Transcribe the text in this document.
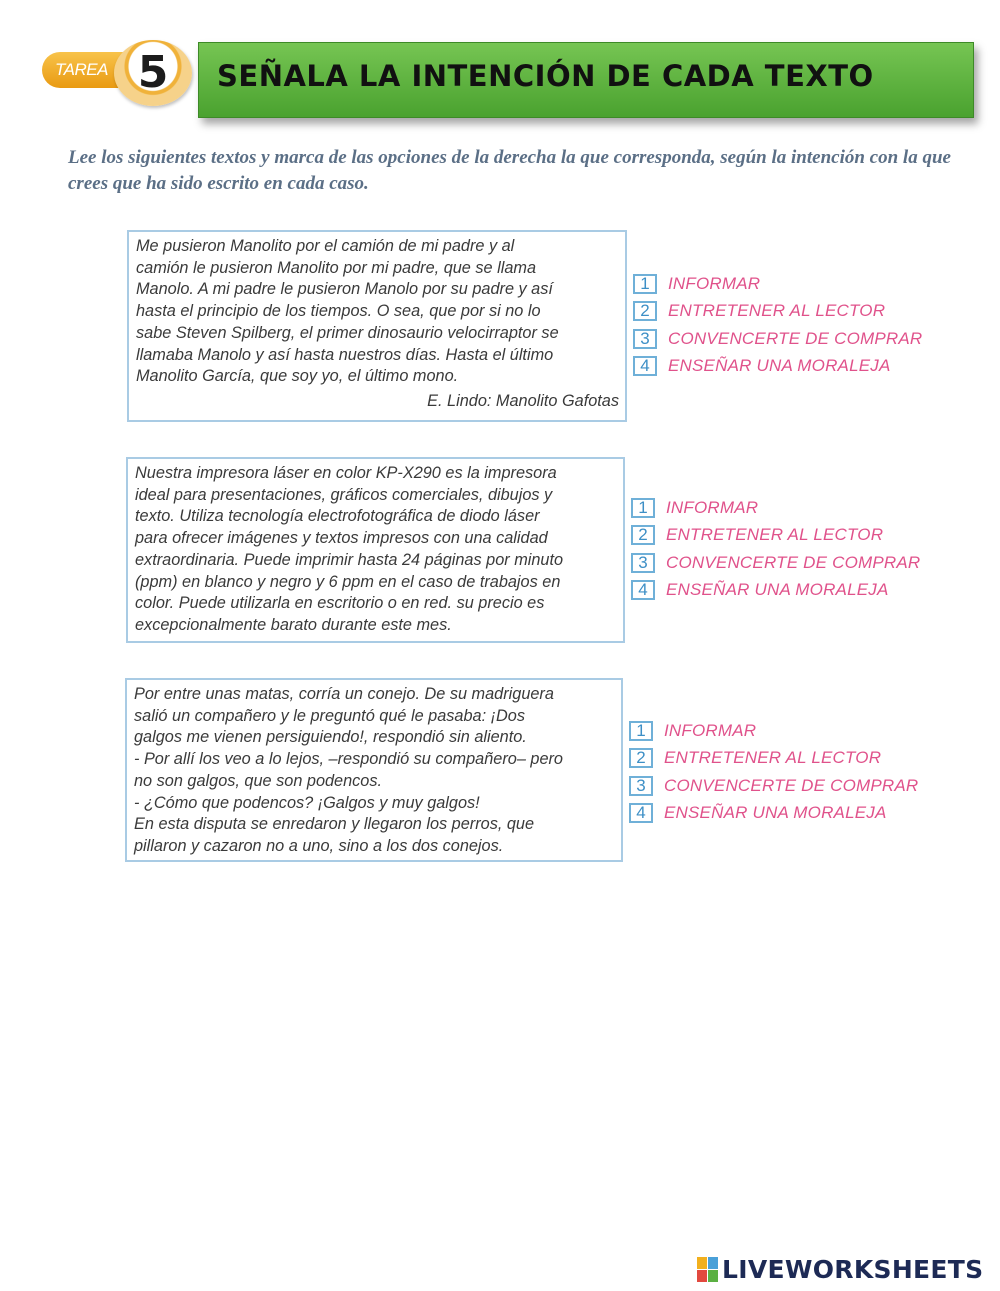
TAREA 5	SEÑALA LA INTENCIÓN DE CADA TEXTO
Lee los siguientes textos y marca de las opciones de la derecha la que corresponda, según la intención con la que crees que ha sido escrito en cada caso.

Me pusieron Manolito por el camión de mi padre y al
camión le pusieron Manolito por mi padre, que se llama
Manolo. A mi padre le pusieron Manolo por su padre y así
hasta el principio de los tiempos. O sea, que por si no lo
sabe Steven Spilberg, el primer dinosaurio velocirraptor se
llamaba Manolo y así hasta nuestros días. Hasta el último
Manolito García, que soy yo, el último mono.

E. Lindo: Manolito Gafotas

1	INFORMAR
2	ENTRETENER AL LECTOR
3	CONVENCERTE DE COMPRAR
4	ENSEÑAR UNA MORALEJA

Nuestra impresora láser en color KP-X290 es la impresora
ideal para presentaciones, gráficos comerciales, dibujos y
texto. Utiliza tecnología electrofotográfica de diodo láser
para ofrecer imágenes y textos impresos con una calidad
extraordinaria. Puede imprimir hasta 24 páginas por minuto
(ppm) en blanco y negro y 6 ppm en el caso de trabajos en
color. Puede utilizarla en escritorio o en red. su precio es
excepcionalmente barato durante este mes.

1	INFORMAR
2	ENTRETENER AL LECTOR
3	CONVENCERTE DE COMPRAR
4	ENSEÑAR UNA MORALEJA

Por entre unas matas, corría un conejo. De su madriguera
salió un compañero y le preguntó qué le pasaba: ¡Dos
galgos me vienen persiguiendo!, respondió sin aliento.
- Por allí los veo a lo lejos, –respondió su compañero– pero
no son galgos, que son podencos.
- ¿Cómo que podencos? ¡Galgos y muy galgos!
En esta disputa se enredaron y llegaron los perros, que
pillaron y cazaron no a uno, sino a los dos conejos.

1	INFORMAR
2	ENTRETENER AL LECTOR
3	CONVENCERTE DE COMPRAR
4	ENSEÑAR UNA MORALEJA
LIVEWORKSHEETS
